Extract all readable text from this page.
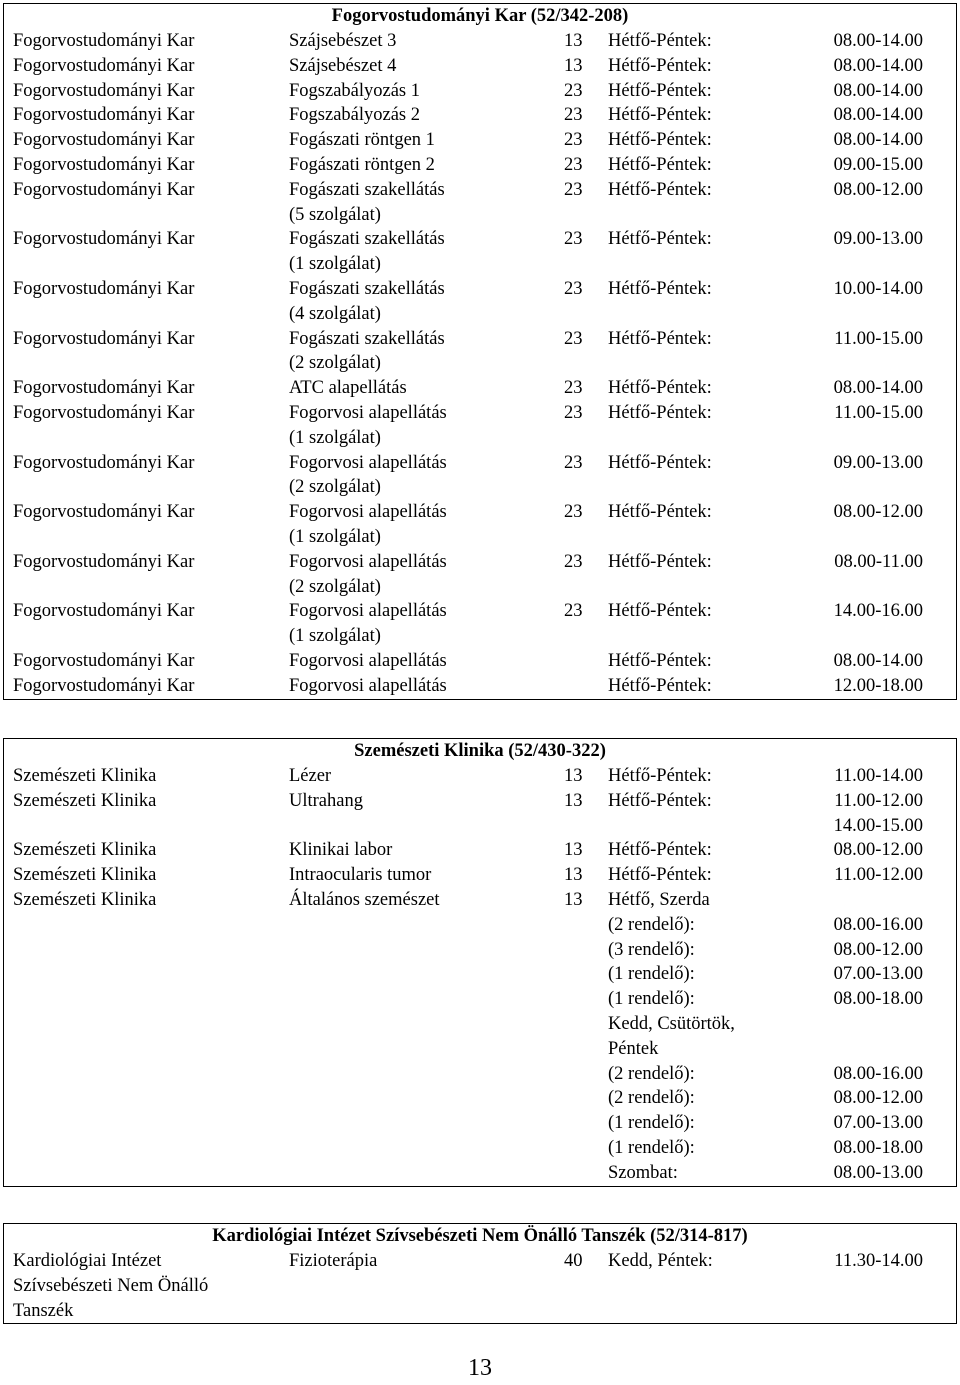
Fogorvostudományi Kar (52/342-208)
Fogorvostudományi Kar	Szájsebészet 3	13 Hétfő-Péntek:	08.00-14.00
Fogorvostudományi Kar	Szájsebészet 4	13 Hétfő-Péntek:	08.00-14.00
Fogorvostudományi Kar	Fogszabályozás 1	23 Hétfő-Péntek:	08.00-14.00
Fogorvostudományi Kar	Fogszabályozás 2	23 Hétfő-Péntek:	08.00-14.00
Fogorvostudományi Kar	Fogászati röntgen 1	23 Hétfő-Péntek:	08.00-14.00
Fogorvostudományi Kar	Fogászati röntgen 2	23 Hétfő-Péntek:	09.00-15.00
Fogorvostudományi Kar	Fogászati szakellátás	23 Hétfő-Péntek:	08.00-12.00
(5 szolgálat)
Fogorvostudományi Kar	Fogászati szakellátás	23 Hétfő-Péntek:	09.00-13.00
(1 szolgálat)
Fogorvostudományi Kar	Fogászati szakellátás	23 Hétfő-Péntek:	10.00-14.00
(4 szolgálat)
Fogorvostudományi Kar	Fogászati szakellátás	23 Hétfő-Péntek:	11.00-15.00
(2 szolgálat)
Fogorvostudományi Kar	ATC alapellátás	23 Hétfő-Péntek:	08.00-14.00
Fogorvostudományi Kar	Fogorvosi alapellátás	23 Hétfő-Péntek:	11.00-15.00
(1 szolgálat)
Fogorvostudományi Kar	Fogorvosi alapellátás	23 Hétfő-Péntek:	09.00-13.00
(2 szolgálat)
Fogorvostudományi Kar	Fogorvosi alapellátás	23 Hétfő-Péntek:	08.00-12.00
(1 szolgálat)
Fogorvostudományi Kar	Fogorvosi alapellátás	23 Hétfő-Péntek:	08.00-11.00
(2 szolgálat)
Fogorvostudományi Kar	Fogorvosi alapellátás	23 Hétfő-Péntek:	14.00-16.00
(1 szolgálat)
Fogorvostudományi Kar	Fogorvosi alapellátás	Hétfő-Péntek:	08.00-14.00
Fogorvostudományi Kar	Fogorvosi alapellátás	Hétfő-Péntek:	12.00-18.00
Szemészeti Klinika (52/430-322)
Szemészeti Klinika	Lézer	13 Hétfő-Péntek:	11.00-14.00
Szemészeti Klinika	Ultrahang	13 Hétfő-Péntek:	11.00-12.00
14.00-15.00
Szemészeti Klinika	Klinikai labor	13 Hétfő-Péntek:	08.00-12.00
Szemészeti Klinika	Intraocularis tumor	13 Hétfő-Péntek:	11.00-12.00
Szemészeti Klinika	Általános szemészet	13 Hétfő, Szerda
(2 rendelő):	08.00-16.00
(3 rendelő):	08.00-12.00
(1 rendelő):	07.00-13.00
(1 rendelő):	08.00-18.00
Kedd, Csütörtök,
Péntek
(2 rendelő):	08.00-16.00
(2 rendelő):	08.00-12.00
(1 rendelő):	07.00-13.00
(1 rendelő):	08.00-18.00
Szombat:	08.00-13.00
Kardiológiai Intézet Szívsebészeti Nem Önálló Tanszék (52/314-817)
Kardiológiai Intézet	Fizioterápia	40 Kedd, Péntek:	11.30-14.00
Szívsebészeti Nem Önálló
Tanszék
13
